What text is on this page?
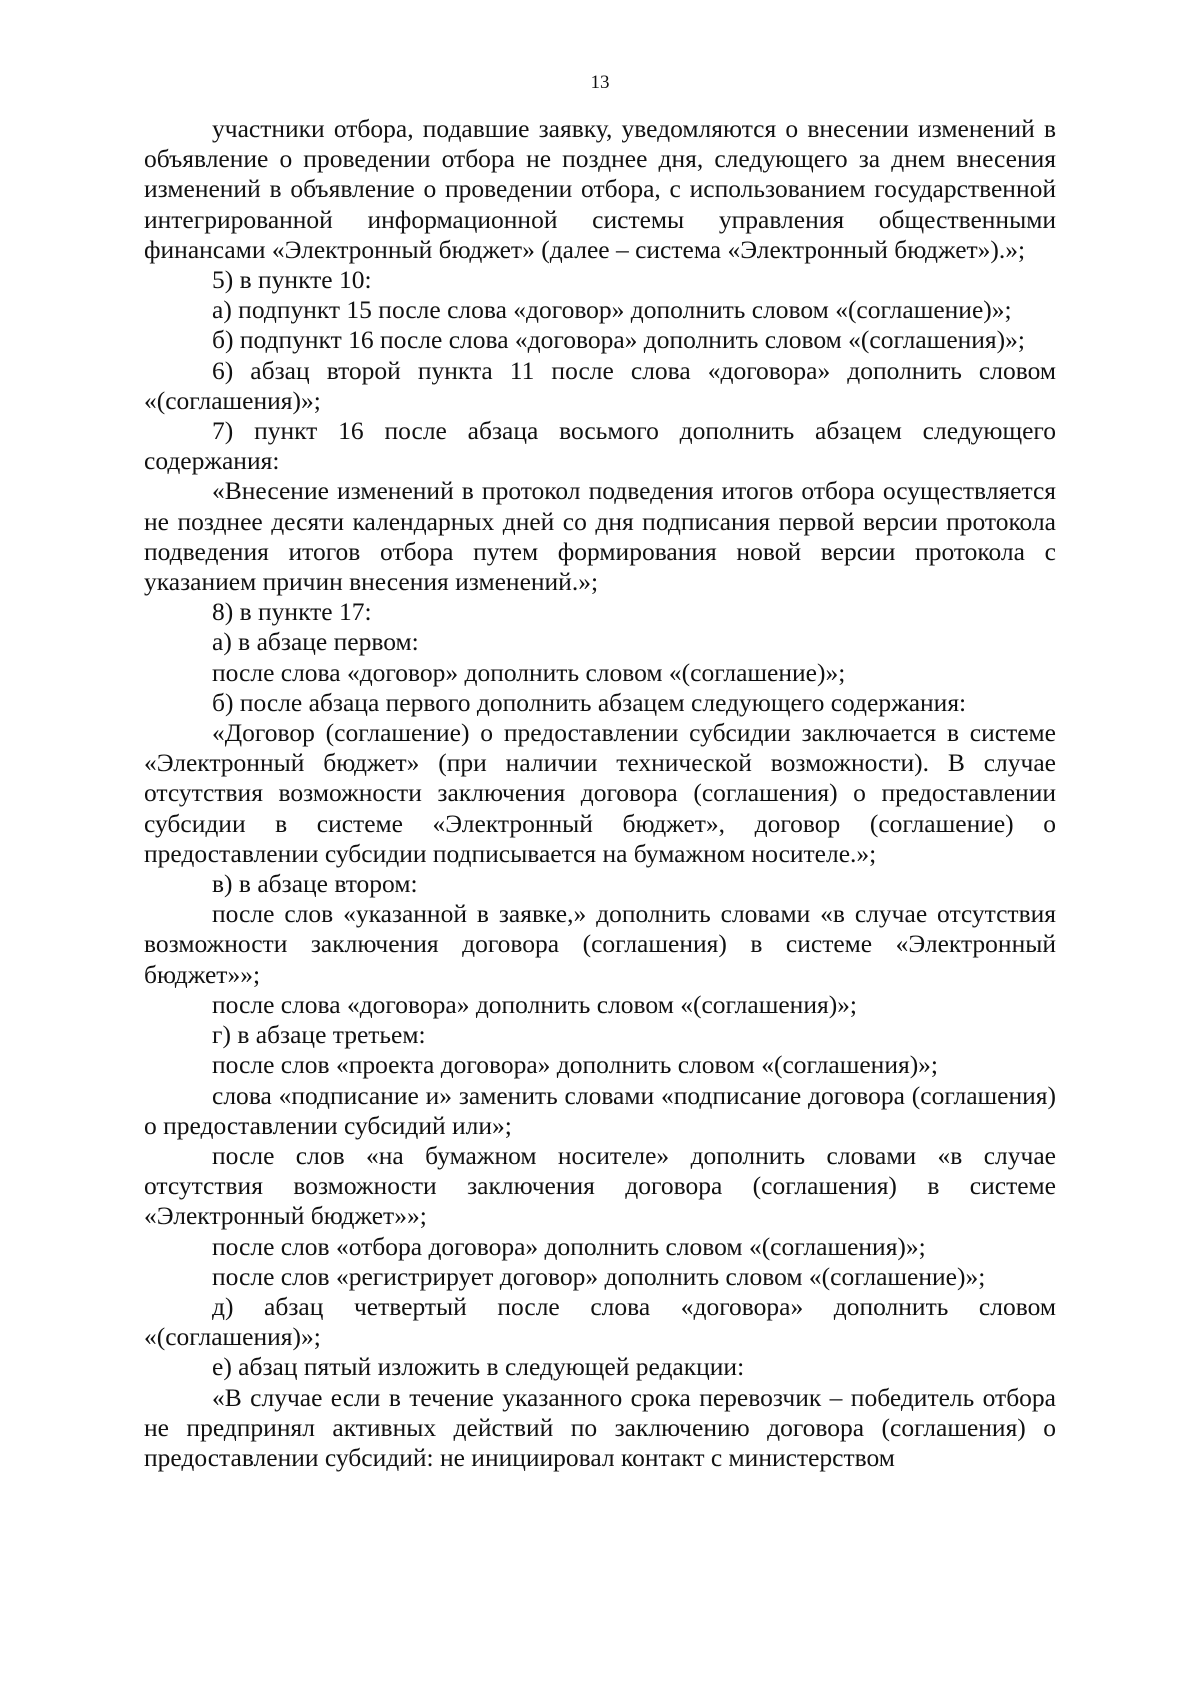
13

участники отбора, подавшие заявку, уведомляются о внесении изменений в объявление о проведении отбора не позднее дня, следующего за днем внесения изменений в объявление о проведении отбора, с использованием государственной интегрированной информационной системы управления общественными финансами «Электронный бюджет» (далее – система «Электронный бюджет»).»;

5) в пункте 10:

а) подпункт 15 после слова «договор» дополнить словом «(соглашение)»;

б) подпункт 16 после слова «договора» дополнить словом «(соглашения)»;

6) абзац второй пункта 11 после слова «договора» дополнить словом «(соглашения)»;

7) пункт 16 после абзаца восьмого дополнить абзацем следующего содержания:

«Внесение изменений в протокол подведения итогов отбора осуществляется не позднее десяти календарных дней со дня подписания первой версии протокола подведения итогов отбора путем формирования новой версии протокола с указанием причин внесения изменений.»;

8) в пункте 17:

а) в абзаце первом:

после слова «договор» дополнить словом «(соглашение)»;

б) после абзаца первого дополнить абзацем следующего содержания:

«Договор (соглашение) о предоставлении субсидии заключается в системе «Электронный бюджет» (при наличии технической возможности). В случае отсутствия возможности заключения договора (соглашения) о предоставлении субсидии в системе «Электронный бюджет», договор (соглашение) о предоставлении субсидии подписывается на бумажном носителе.»;

в) в абзаце втором:

после слов «указанной в заявке,» дополнить словами «в случае отсутствия возможности заключения договора (соглашения) в системе «Электронный бюджет»»;

после слова «договора» дополнить словом «(соглашения)»;

г) в абзаце третьем:

после слов «проекта договора» дополнить словом «(соглашения)»;

слова «подписание и» заменить словами «подписание договора (соглашения) о предоставлении субсидий или»;

после слов «на бумажном носителе» дополнить словами «в случае отсутствия возможности заключения договора (соглашения) в системе «Электронный бюджет»»;

после слов «отбора договора» дополнить словом «(соглашения)»;

после слов «регистрирует договор» дополнить словом «(соглашение)»;

д) абзац четвертый после слова «договора» дополнить словом «(соглашения)»;

е) абзац пятый изложить в следующей редакции:

«В случае если в течение указанного срока перевозчик – победитель отбора не предпринял активных действий по заключению договора (соглашения) о предоставлении субсидий: не инициировал контакт с министерством
